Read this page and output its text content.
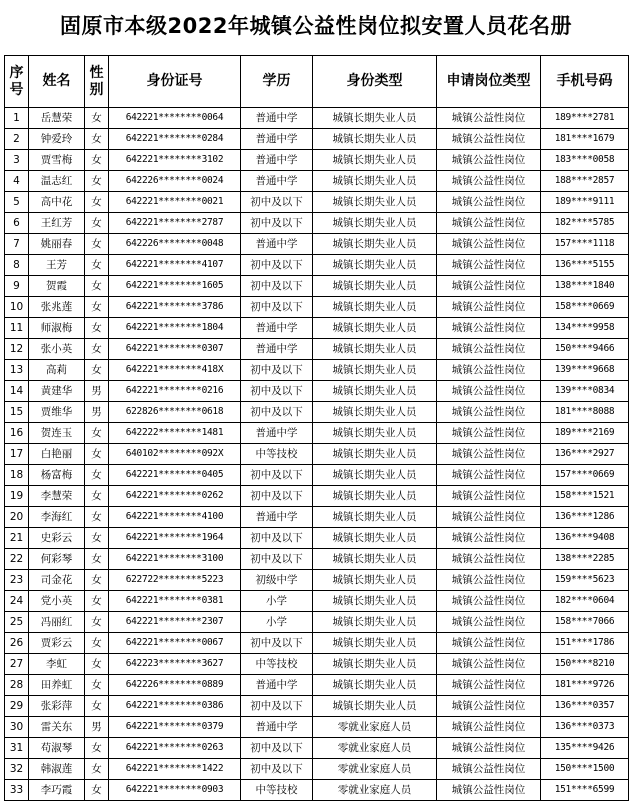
固原市本级2022年城镇公益性岗位拟安置人员花名册
序号	姓名	性别	身份证号	学历	身份类型	申请岗位类型	手机号码
1	岳慧荣	女	642221********0064	普通中学	城镇长期失业人员	城镇公益性岗位	189****2781
2	钟爱玲	女	642221********0284	普通中学	城镇长期失业人员	城镇公益性岗位	181****1679
3	贾雪梅	女	642221********3102	普通中学	城镇长期失业人员	城镇公益性岗位	183****0058
4	温志红	女	642226********0024	普通中学	城镇长期失业人员	城镇公益性岗位	188****2857
5	高中花	女	642221********0021	初中及以下	城镇长期失业人员	城镇公益性岗位	189****9111
6	王红芳	女	642221********2787	初中及以下	城镇长期失业人员	城镇公益性岗位	182****5785
7	姚丽春	女	642226********0048	普通中学	城镇长期失业人员	城镇公益性岗位	157****1118
8	王芳	女	642221********4107	初中及以下	城镇长期失业人员	城镇公益性岗位	136****5155
9	贺霞	女	642221********1605	初中及以下	城镇长期失业人员	城镇公益性岗位	138****1840
10	张兆莲	女	642221********3786	初中及以下	城镇长期失业人员	城镇公益性岗位	158****0669
11	师淑梅	女	642221********1804	普通中学	城镇长期失业人员	城镇公益性岗位	134****9958
12	张小英	女	642221********0307	普通中学	城镇长期失业人员	城镇公益性岗位	150****9466
13	高莉	女	642221********418X	初中及以下	城镇长期失业人员	城镇公益性岗位	139****9668
14	黄建华	男	642221********0216	初中及以下	城镇长期失业人员	城镇公益性岗位	139****0834
15	贾维华	男	622826********0618	初中及以下	城镇长期失业人员	城镇公益性岗位	181****8088
16	贺连玉	女	642222********1481	普通中学	城镇长期失业人员	城镇公益性岗位	189****2169
17	白艳丽	女	640102********092X	中等技校	城镇长期失业人员	城镇公益性岗位	136****2927
18	杨富梅	女	642221********0405	初中及以下	城镇长期失业人员	城镇公益性岗位	157****0669
19	李慧荣	女	642221********0262	初中及以下	城镇长期失业人员	城镇公益性岗位	158****1521
20	李海红	女	642221********4100	普通中学	城镇长期失业人员	城镇公益性岗位	136****1286
21	史彩云	女	642221********1964	初中及以下	城镇长期失业人员	城镇公益性岗位	136****9408
22	何彩琴	女	642221********3100	初中及以下	城镇长期失业人员	城镇公益性岗位	138****2285
23	司金花	女	622722********5223	初级中学	城镇长期失业人员	城镇公益性岗位	159****5623
24	党小英	女	642221********0381	小学	城镇长期失业人员	城镇公益性岗位	182****0604
25	冯丽红	女	642221********2307	小学	城镇长期失业人员	城镇公益性岗位	158****7066
26	贾彩云	女	642221********0067	初中及以下	城镇长期失业人员	城镇公益性岗位	151****1786
27	李虹	女	642223********3627	中等技校	城镇长期失业人员	城镇公益性岗位	150****8210
28	田养虹	女	642226********0889	普通中学	城镇长期失业人员	城镇公益性岗位	181****9726
29	张彩萍	女	642221********0386	初中及以下	城镇长期失业人员	城镇公益性岗位	136****0357
30	雷关东	男	642221********0379	普通中学	零就业家庭人员	城镇公益性岗位	136****0373
31	苟淑琴	女	642221********0263	初中及以下	零就业家庭人员	城镇公益性岗位	135****9426
32	韩淑莲	女	642221********1422	初中及以下	零就业家庭人员	城镇公益性岗位	150****1500
33	李巧霞	女	642221********0903	中等技校	零就业家庭人员	城镇公益性岗位	151****6599
